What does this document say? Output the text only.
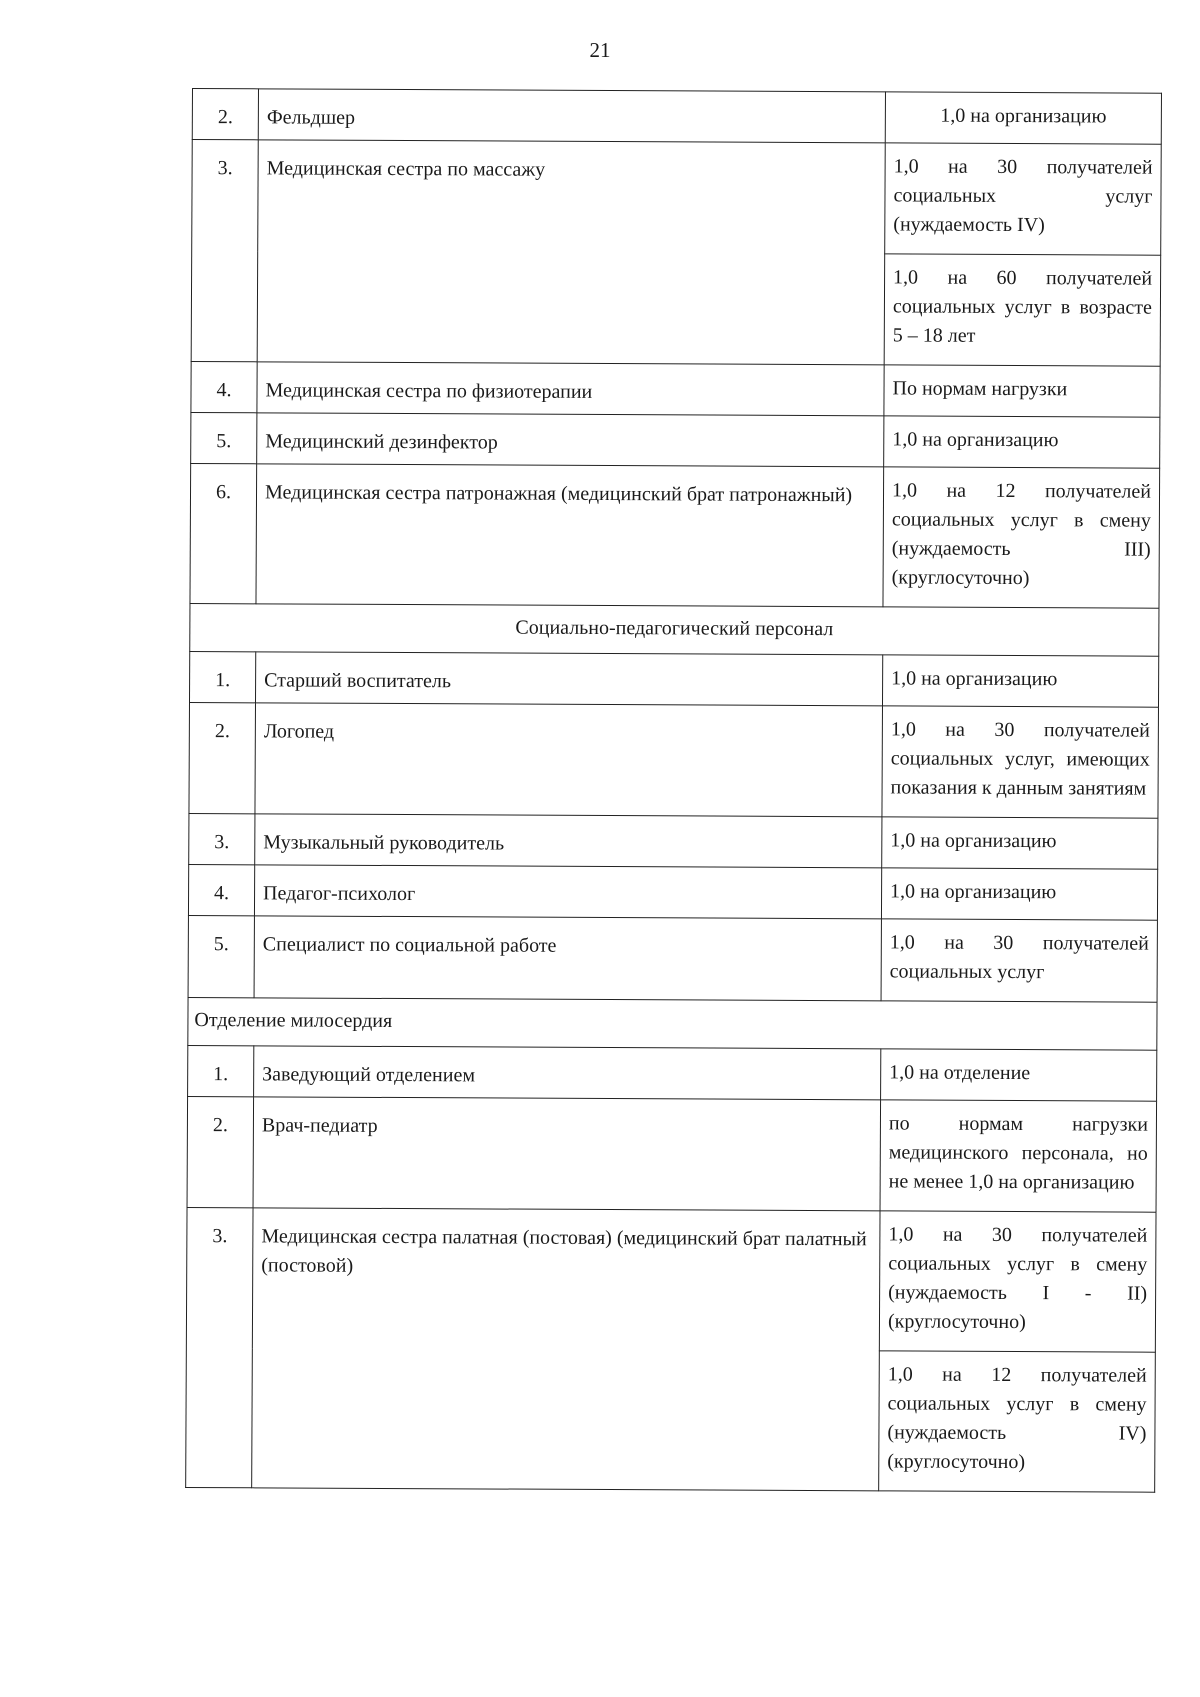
21
2.	Фельдшер	1,0 на организацию
3.	Медицинская сестра по массажу	1,0 на 30 получателей социальных услуг (нуждаемость IV)
		1,0 на 60 получателей социальных услуг в возрасте 5 – 18 лет
4.	Медицинская сестра по физиотерапии	По нормам нагрузки
5.	Медицинский дезинфектор	1,0 на организацию
6.	Медицинская сестра патронажная (медицинский брат патронажный)	1,0 на 12 получателей социальных услуг в смену (нуждаемость III) (круглосуточно)
Социально-педагогический персонал		
1.	Старший воспитатель	1,0 на организацию
2.	Логопед	1,0 на 30 получателей социальных услуг, имеющих показания к данным занятиям
3.	Музыкальный руководитель	1,0 на организацию
4.	Педагог-психолог	1,0 на организацию
5.	Специалист по социальной работе	1,0 на 30 получателей социальных услуг
Отделение милосердия		
1.	Заведующий отделением	1,0 на отделение
2.	Врач-педиатр	по нормам нагрузки медицинского персонала, но не менее 1,0 на организацию
3.	Медицинская сестра палатная (постовая) (медицинский брат палатный (постовой)	1,0 на 30 получателей социальных услуг в смену (нуждаемость I - II) (круглосуточно)
		1,0 на 12 получателей социальных услуг в смену (нуждаемость IV) (круглосуточно)
